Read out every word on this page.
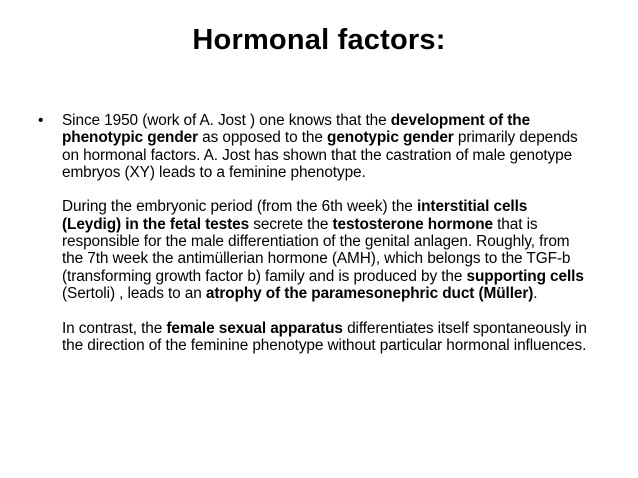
Hormonal factors:
• Since 1950 (work of A. Jost ) one knows that the development of the phenotypic gender as opposed to the genotypic gender primarily depends on hormonal factors. A. Jost has shown that the castration of male genotype embryos (XY) leads to a feminine phenotype.

During the embryonic period (from the 6th week) the interstitial cells (Leydig) in the fetal testes secrete the testosterone hormone that is responsible for the male differentiation of the genital anlagen. Roughly, from the 7th week the antimüllerian hormone (AMH), which belongs to the TGF-b (transforming growth factor b) family and is produced by the supporting cells (Sertoli) , leads to an atrophy of the paramesonephric duct (Müller).

In contrast, the female sexual apparatus differentiates itself spontaneously in the direction of the feminine phenotype without particular hormonal influences.
